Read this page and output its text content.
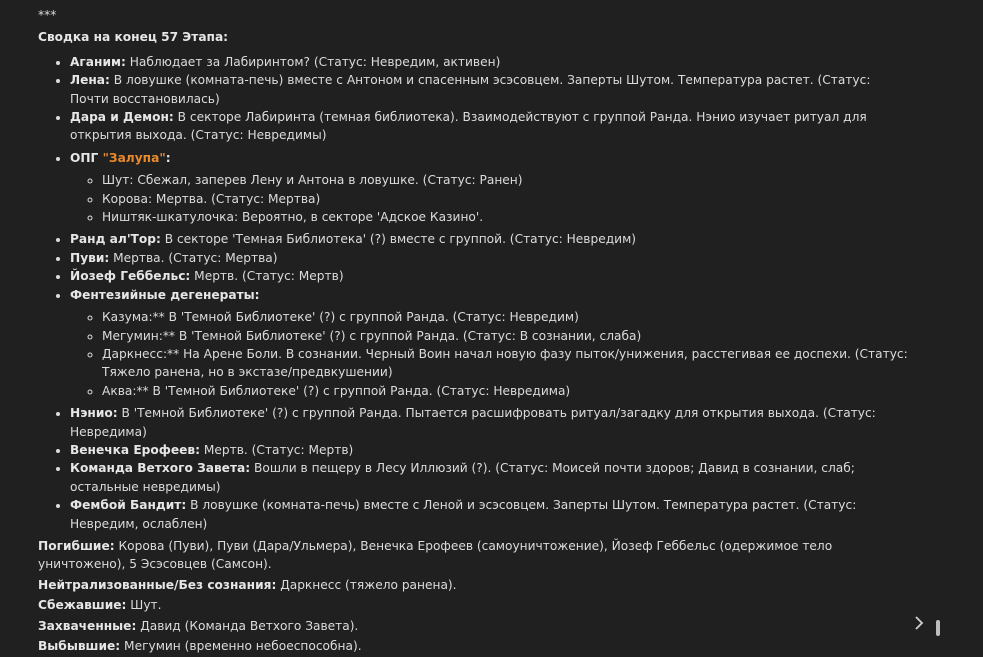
***

Сводка на конец 57 Этапа:

• Аганим: Наблюдает за Лабиринтом? (Статус: Невредим, активен)
• Лена: В ловушке (комната-печь) вместе с Антоном и спасенным эсэсовцем. Заперты Шутом. Температура растет. (Статус: Почти восстановилась)
• Дара и Демон: В секторе Лабиринта (темная библиотека). Взаимодействуют с группой Ранда. Нэнио изучает ритуал для открытия выхода. (Статус: Невредимы)
• ОПГ "Залупа":
◦ Шут: Сбежал, заперев Лену и Антона в ловушке. (Статус: Ранен)
◦ Корова: Мертва. (Статус: Мертва)
◦ Ништяк-шкатулочка: Вероятно, в секторе 'Адское Казино'.
• Ранд ал'Тор: В секторе 'Темная Библиотека' (?) вместе с группой. (Статус: Невредим)
• Пуви: Мертва. (Статус: Мертва)
• Йозеф Геббельс: Мертв. (Статус: Мертв)
• Фентезийные дегенераты:
◦ Казума:** В 'Темной Библиотеке' (?) с группой Ранда. (Статус: Невредим)
◦ Мегумин:** В 'Темной Библиотеке' (?) с группой Ранда. (Статус: В сознании, слаба)
◦ Даркнесс:** На Арене Боли. В сознании. Черный Воин начал новую фазу пыток/унижения, расстегивая ее доспехи. (Статус: Тяжело ранена, но в экстазе/предвкушении)
◦ Аква:** В 'Темной Библиотеке' (?) с группой Ранда. (Статус: Невредима)
• Нэнио: В 'Темной Библиотеке' (?) с группой Ранда. Пытается расшифровать ритуал/загадку для открытия выхода. (Статус: Невредима)
• Венечка Ерофеев: Мертв. (Статус: Мертв)
• Команда Ветхого Завета: Вошли в пещеру в Лесу Иллюзий (?). (Статус: Моисей почти здоров; Давид в сознании, слаб; остальные невредимы)
• Фембой Бандит: В ловушке (комната-печь) вместе с Леной и эсэсовцем. Заперты Шутом. Температура растет. (Статус: Невредим, ослаблен)

Погибшие: Корова (Пуви), Пуви (Дара/Ульмера), Венечка Ерофеев (самоуничтожение), Йозеф Геббельс (одержимое тело уничтожено), 5 Эсэсовцев (Самсон).

Нейтрализованные/Без сознания: Даркнесс (тяжело ранена).

Сбежавшие: Шут.

Захваченные: Давид (Команда Ветхого Завета).

Выбывшие: Мегумин (временно небоеспособна).
